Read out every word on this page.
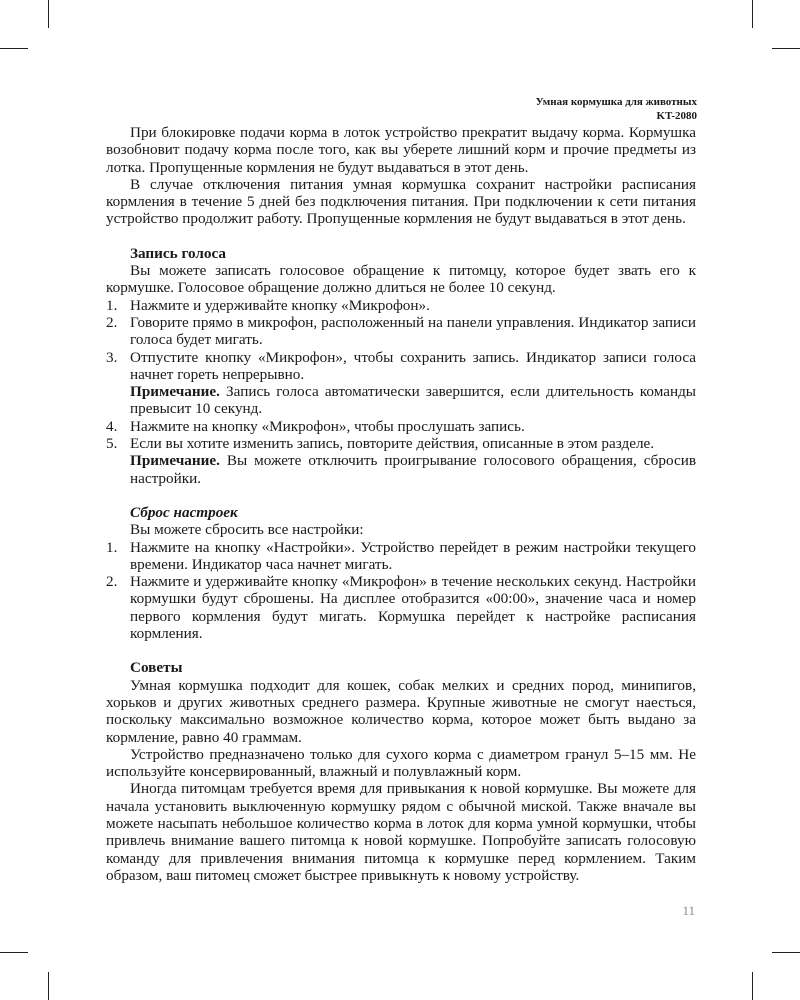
Умная кормушка для животных
KT-2080

При блокировке подачи корма в лоток устройство прекратит выдачу корма. Кормушка возобновит подачу корма после того, как вы уберете лишний корм и прочие предметы из лотка. Пропущенные кормления не будут выдаваться в этот день.

В случае отключения питания умная кормушка сохранит настройки расписания кормления в течение 5 дней без подключения питания. При подключении к сети питания устройство продолжит работу. Пропущенные кормления не будут выдаваться в этот день.

Запись голоса

Вы можете записать голосовое обращение к питомцу, которое будет звать его к кормушке. Голосовое обращение должно длиться не более 10 секунд.

1. Нажмите и удерживайте кнопку «Микрофон».
2. Говорите прямо в микрофон, расположенный на панели управления. Индикатор записи голоса будет мигать.
3. Отпустите кнопку «Микрофон», чтобы сохранить запись. Индикатор записи голоса начнет гореть непрерывно.

Примечание. Запись голоса автоматически завершится, если длительность команды превысит 10 секунд.

4. Нажмите на кнопку «Микрофон», чтобы прослушать запись.
5. Если вы хотите изменить запись, повторите действия, описанные в этом разделе.

Примечание. Вы можете отключить проигрывание голосового обращения, сбросив настройки.

Сброс настроек

Вы можете сбросить все настройки:

1. Нажмите на кнопку «Настройки». Устройство перейдет в режим настройки текущего времени. Индикатор часа начнет мигать.
2. Нажмите и удерживайте кнопку «Микрофон» в течение нескольких секунд. Настройки кормушки будут сброшены. На дисплее отобразится «00:00», значение часа и номер первого кормления будут мигать. Кормушка перейдет к настройке расписания кормления.

Советы

Умная кормушка подходит для кошек, собак мелких и средних пород, минипигов, хорьков и других животных среднего размера. Крупные животные не смогут наесться, поскольку максимально возможное количество корма, которое может быть выдано за кормление, равно 40 граммам.

Устройство предназначено только для сухого корма с диаметром гранул 5–15 мм. Не используйте консервированный, влажный и полувлажный корм.

Иногда питомцам требуется время для привыкания к новой кормушке. Вы можете для начала установить выключенную кормушку рядом с обычной миской. Также вначале вы можете насыпать небольшое количество корма в лоток для корма умной кормушки, чтобы привлечь внимание вашего питомца к новой кормушке. Попробуйте записать голосовую команду для привлечения внимания питомца к кормушке перед кормлением. Таким образом, ваш питомец сможет быстрее привыкнуть к новому устройству.

11
